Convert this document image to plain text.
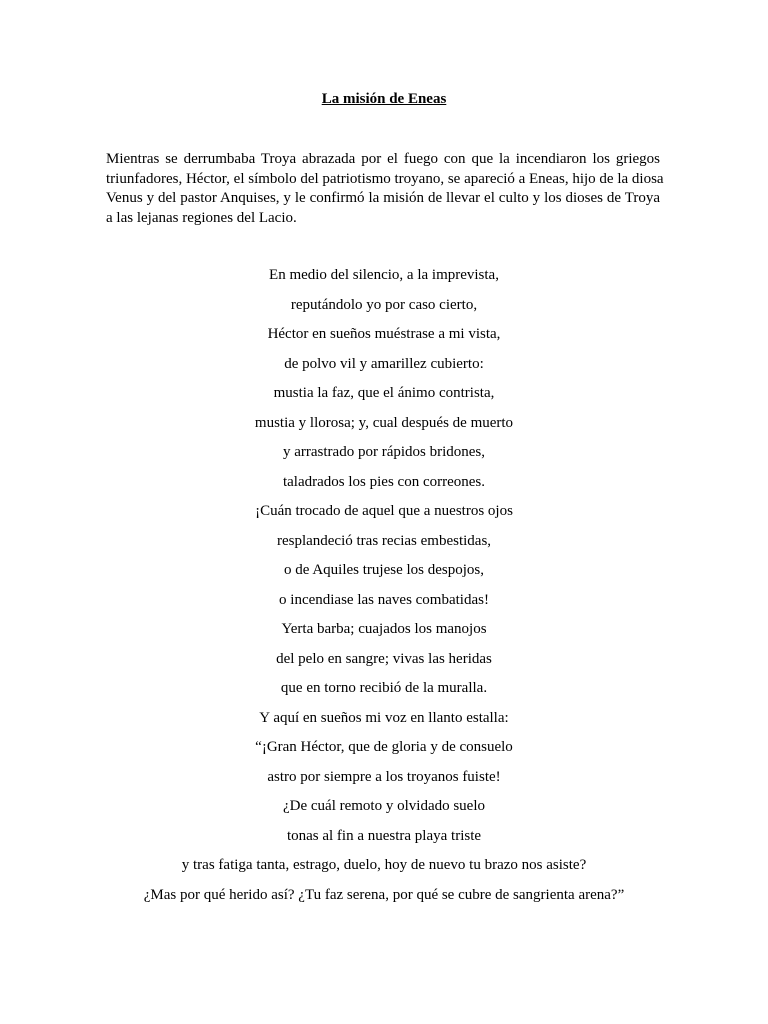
La misión de Eneas

Mientras se derrumbaba Troya abrazada por el fuego con que la incendiaron los griegos
triunfadores, Héctor, el símbolo del patriotismo troyano, se apareció a Eneas, hijo de la diosa
Venus y del pastor Anquises, y le confirmó la misión de llevar el culto y los dioses de Troya
a las lejanas regiones del Lacio.

En medio del silencio, a la imprevista,
reputándolo yo por caso cierto,
Héctor en sueños muéstrase a mi vista,
de polvo vil y amarillez cubierto:
mustia la faz, que el ánimo contrista,
mustia y llorosa; y, cual después de muerto
y arrastrado por rápidos bridones,
taladrados los pies con correones.
¡Cuán trocado de aquel que a nuestros ojos
resplandeció tras recias embestidas,
o de Aquiles trujese los despojos,
o incendiase las naves combatidas!
Yerta barba; cuajados los manojos
del pelo en sangre; vivas las heridas
que en torno recibió de la muralla.
Y aquí en sueños mi voz en llanto estalla:
“¡Gran Héctor, que de gloria y de consuelo
astro por siempre a los troyanos fuiste!
¿De cuál remoto y olvidado suelo
tonas al fin a nuestra playa triste
y tras fatiga tanta, estrago, duelo, hoy de nuevo tu brazo nos asiste?
¿Mas por qué herido así? ¿Tu faz serena, por qué se cubre de sangrienta arena?”
